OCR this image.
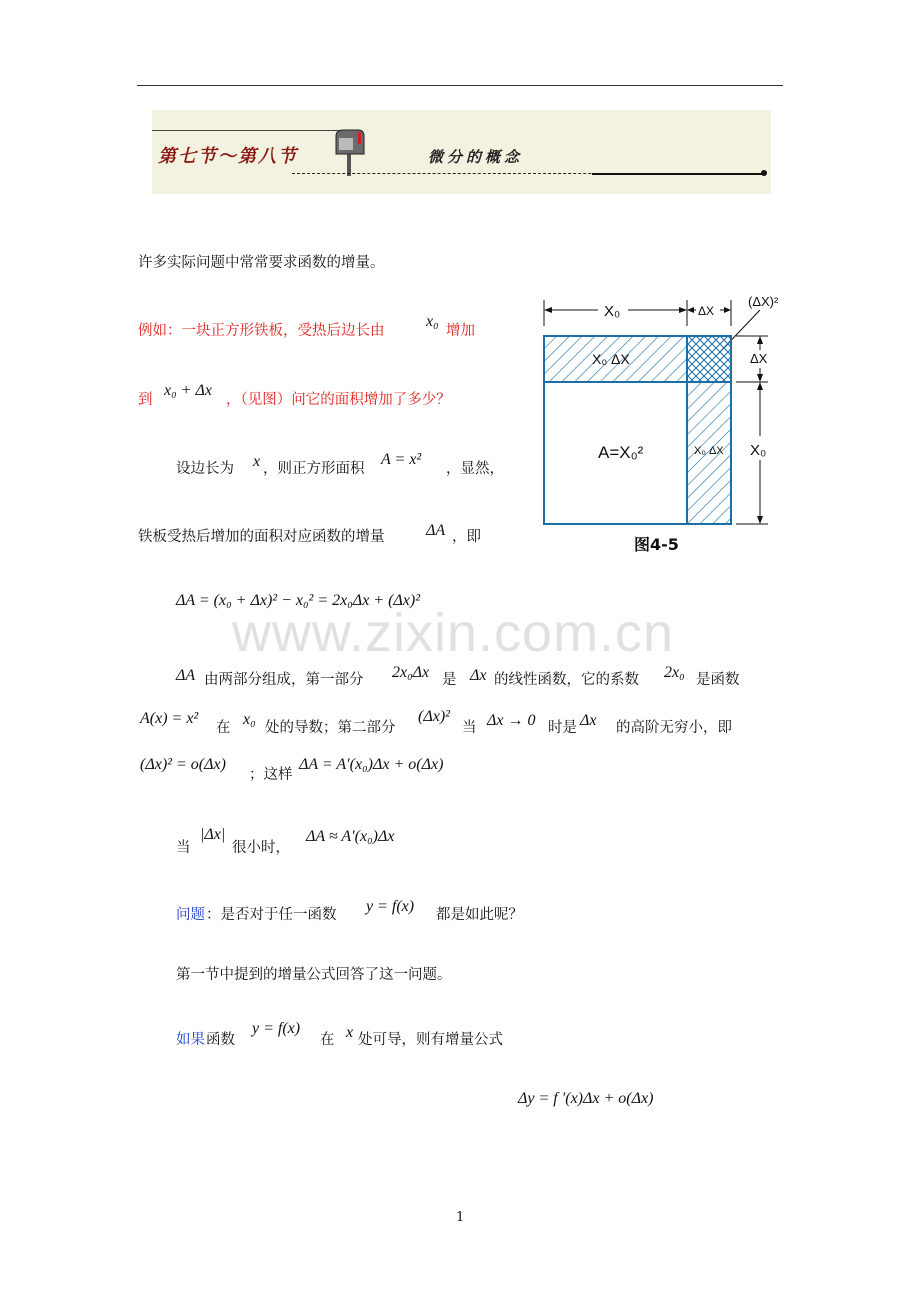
第七节～第八节	微分的概念
许多实际问题中常常要求函数的增量。
例如：一块正方形铁板，受热后边长由
x₀
增加
到
x₀ + Δx
，（见图）问它的面积增加了多少？
设边长为 x ，则正方形面积
A = x²
，显然，
铁板受热后增加的面积对应函数的增量	ΔA ，即
ΔA = (x₀ + Δx)² − x₀² = 2x₀Δx + (Δx)²
www.zixin.com.cn
ΔA 由两部分组成，第一部分 2x₀Δx 是 Δx 的线性函数，它的系数 2x₀ 是函数
A(x) = x²
在 x₀ 处的导数；第二部分
(Δx)²
当 Δx → 0 时是 Δx 的高阶无穷小，即
(Δx)² = o(Δx)
；这样
ΔA = A′(x₀)Δx + o(Δx)
当
|Δx|
很小时，
ΔA ≈ A′(x₀)Δx
问题 ：是否对于任一函数 y = f(x) 都是如此呢？
第一节中提到的增量公式回答了这一问题。
如果 函数
y = f(x)
在 x 处可导，则有增量公式
Δy = f ′(x)Δx + o(Δx)
1
X₀	ΔX
(ΔX)²
X₀ ΔX
X₀ ΔX
A=X₀²
ΔX
X₀
图4-5
